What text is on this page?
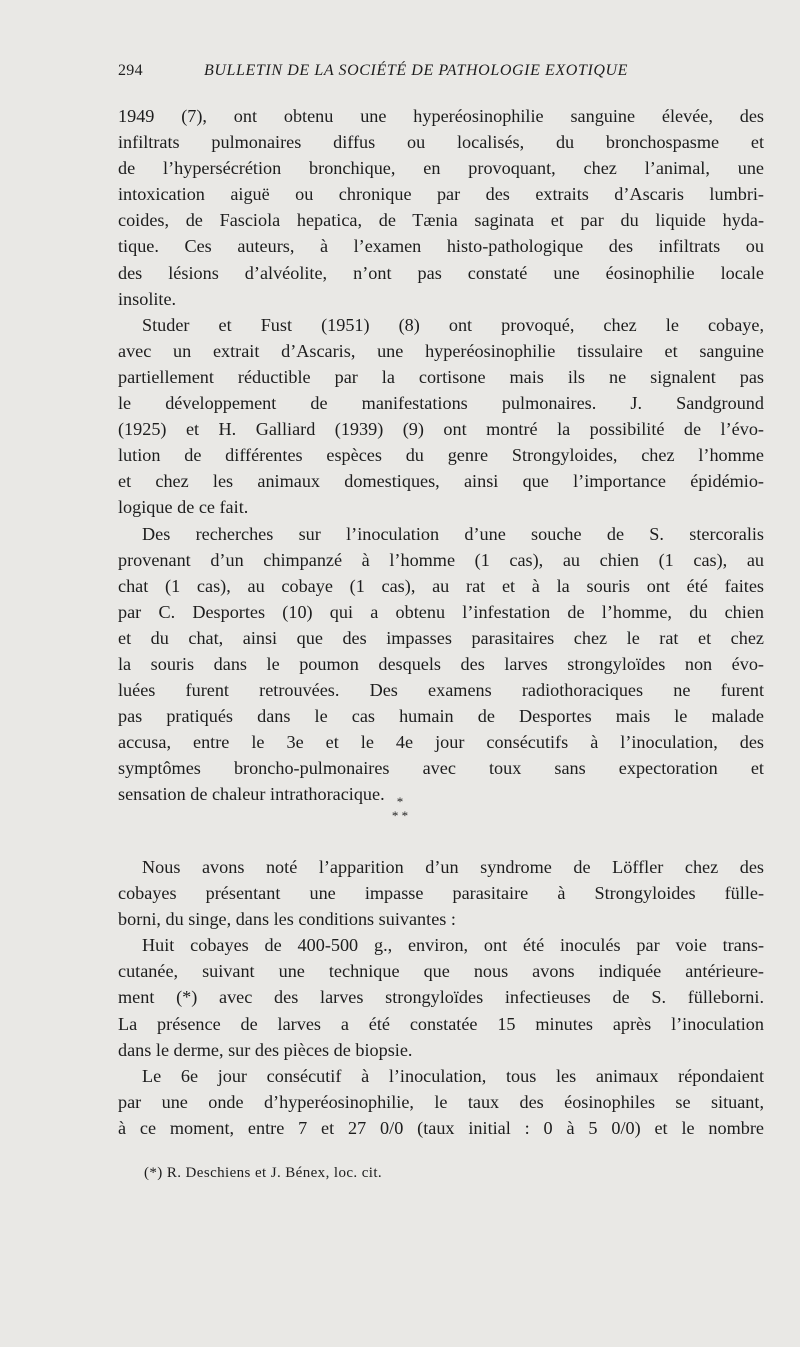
294	BULLETIN DE LA SOCIÉTÉ DE PATHOLOGIE EXOTIQUE
1949 (7), ont obtenu une hyperéosinophilie sanguine élevée, des
infiltrats pulmonaires diffus ou localisés, du bronchospasme et
de l’hypersécrétion bronchique, en provoquant, chez l’animal, une
intoxication aiguë ou chronique par des extraits d’Ascaris lumbri-
coides, de Fasciola hepatica, de Tænia saginata et par du liquide hyda-
tique. Ces auteurs, à l’examen histo-pathologique des infiltrats ou
des lésions d’alvéolite, n’ont pas constaté une éosinophilie locale
insolite.
Studer et Fust (1951) (8) ont provoqué, chez le cobaye,
avec un extrait d’Ascaris, une hyperéosinophilie tissulaire et sanguine
partiellement réductible par la cortisone mais ils ne signalent pas
le développement de manifestations pulmonaires. J. Sandground
(1925) et H. Galliard (1939) (9) ont montré la possibilité de l’évo-
lution de différentes espèces du genre Strongyloides, chez l’homme
et chez les animaux domestiques, ainsi que l’importance épidémio-
logique de ce fait.
Des recherches sur l’inoculation d’une souche de S. stercoralis
provenant d’un chimpanzé à l’homme (1 cas), au chien (1 cas), au
chat (1 cas), au cobaye (1 cas), au rat et à la souris ont été faites
par C. Desportes (10) qui a obtenu l’infestation de l’homme, du chien
et du chat, ainsi que des impasses parasitaires chez le rat et chez
la souris dans le poumon desquels des larves strongyloïdes non évo-
luées furent retrouvées. Des examens radiothoraciques ne furent
pas pratiqués dans le cas humain de Desportes mais le malade
accusa, entre le 3e et le 4e jour consécutifs à l’inoculation, des
symptômes broncho-pulmonaires avec toux sans expectoration et
sensation de chaleur intrathoracique. *
* *
Nous avons noté l’apparition d’un syndrome de Löffler chez des
cobayes présentant une impasse parasitaire à Strongyloides fülle-
borni, du singe, dans les conditions suivantes :
Huit cobayes de 400-500 g., environ, ont été inoculés par voie trans-
cutanée, suivant une technique que nous avons indiquée antérieure-
ment (*) avec des larves strongyloïdes infectieuses de S. fülleborni.
La présence de larves a été constatée 15 minutes après l’inoculation
dans le derme, sur des pièces de biopsie.
Le 6e jour consécutif à l’inoculation, tous les animaux répondaient
par une onde d’hyperéosinophilie, le taux des éosinophiles se situant,
à ce moment, entre 7 et 27 0/0 (taux initial : 0 à 5 0/0) et le nombre
(*) R. Deschiens et J. Bénex, loc. cit.
